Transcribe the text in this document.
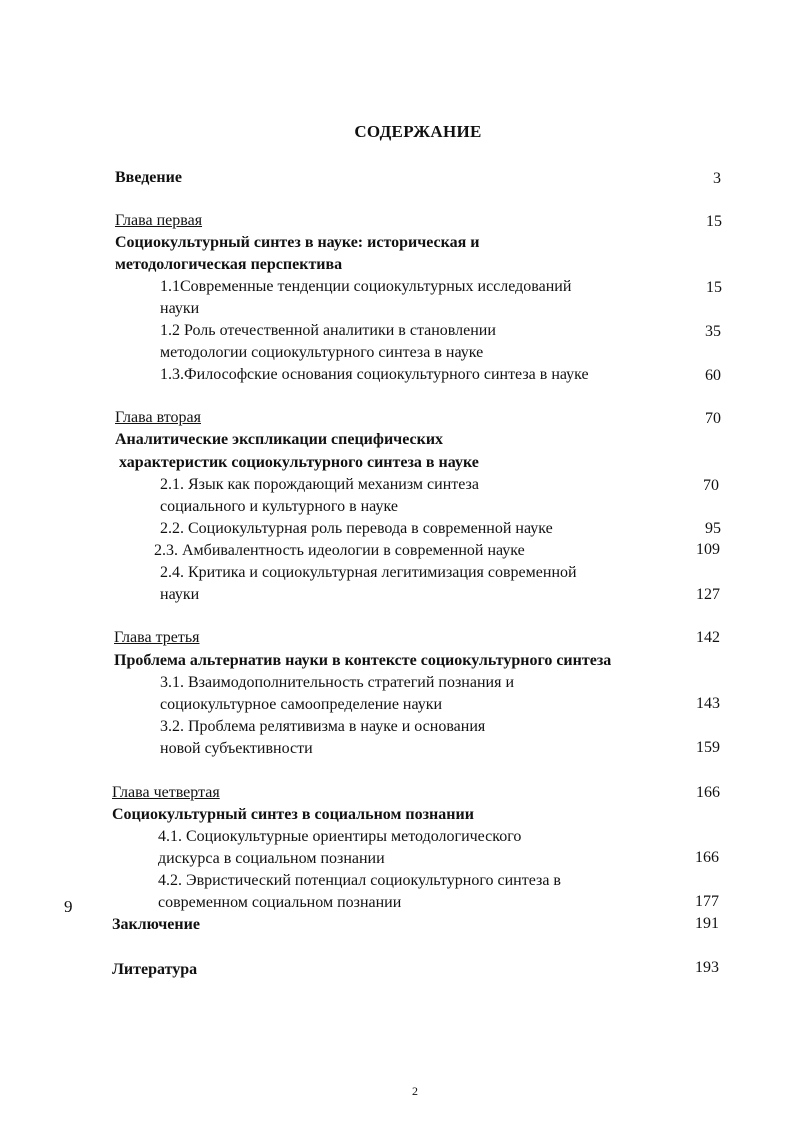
СОДЕРЖАНИЕ
Введение	3
Глава первая	15
Социокультурный синтез в науке: историческая и
методологическая перспектива
1.1Современные тенденции социокультурных исследований	15
науки
1.2 Роль отечественной аналитики в становлении	35
методологии социокультурного синтеза в науке
1.3.Философские основания социокультурного синтеза в науке	60
Глава вторая	70
Аналитические экспликации специфических
характеристик социокультурного синтеза в науке
2.1. Язык как порождающий механизм синтеза	70
социального и культурного в науке
2.2. Социокультурная роль перевода в современной науке	95
2.3. Амбивалентность идеологии в современной науке	109
2.4. Критика и социокультурная легитимизация современной
науки	127
Глава третья	142
Проблема альтернатив науки в контексте социокультурного синтеза
3.1. Взаимодополнительность стратегий познания и
социокультурное самоопределение науки	143
3.2. Проблема релятивизма в науке и основания
новой субъективности	159
Глава четвертая	166
Социокультурный синтез в социальном познании
4.1. Социокультурные ориентиры методологического
дискурса в социальном познании	166
4.2. Эвристический потенциал социокультурного синтеза в
современном социальном познании	177
9
Заключение	191
Литература	193
2
